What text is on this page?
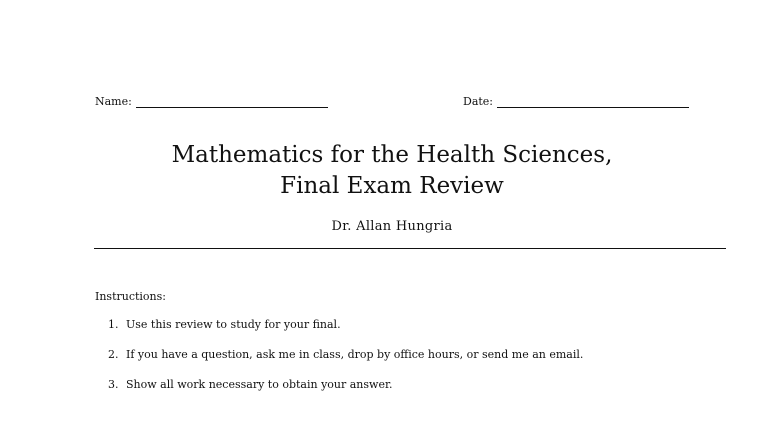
Name:	Date:
Mathematics for the Health Sciences,
Final Exam Review
Dr. Allan Hungria
Instructions:
1. Use this review to study for your final.
2. If you have a question, ask me in class, drop by office hours, or send me an email.
3. Show all work necessary to obtain your answer.
